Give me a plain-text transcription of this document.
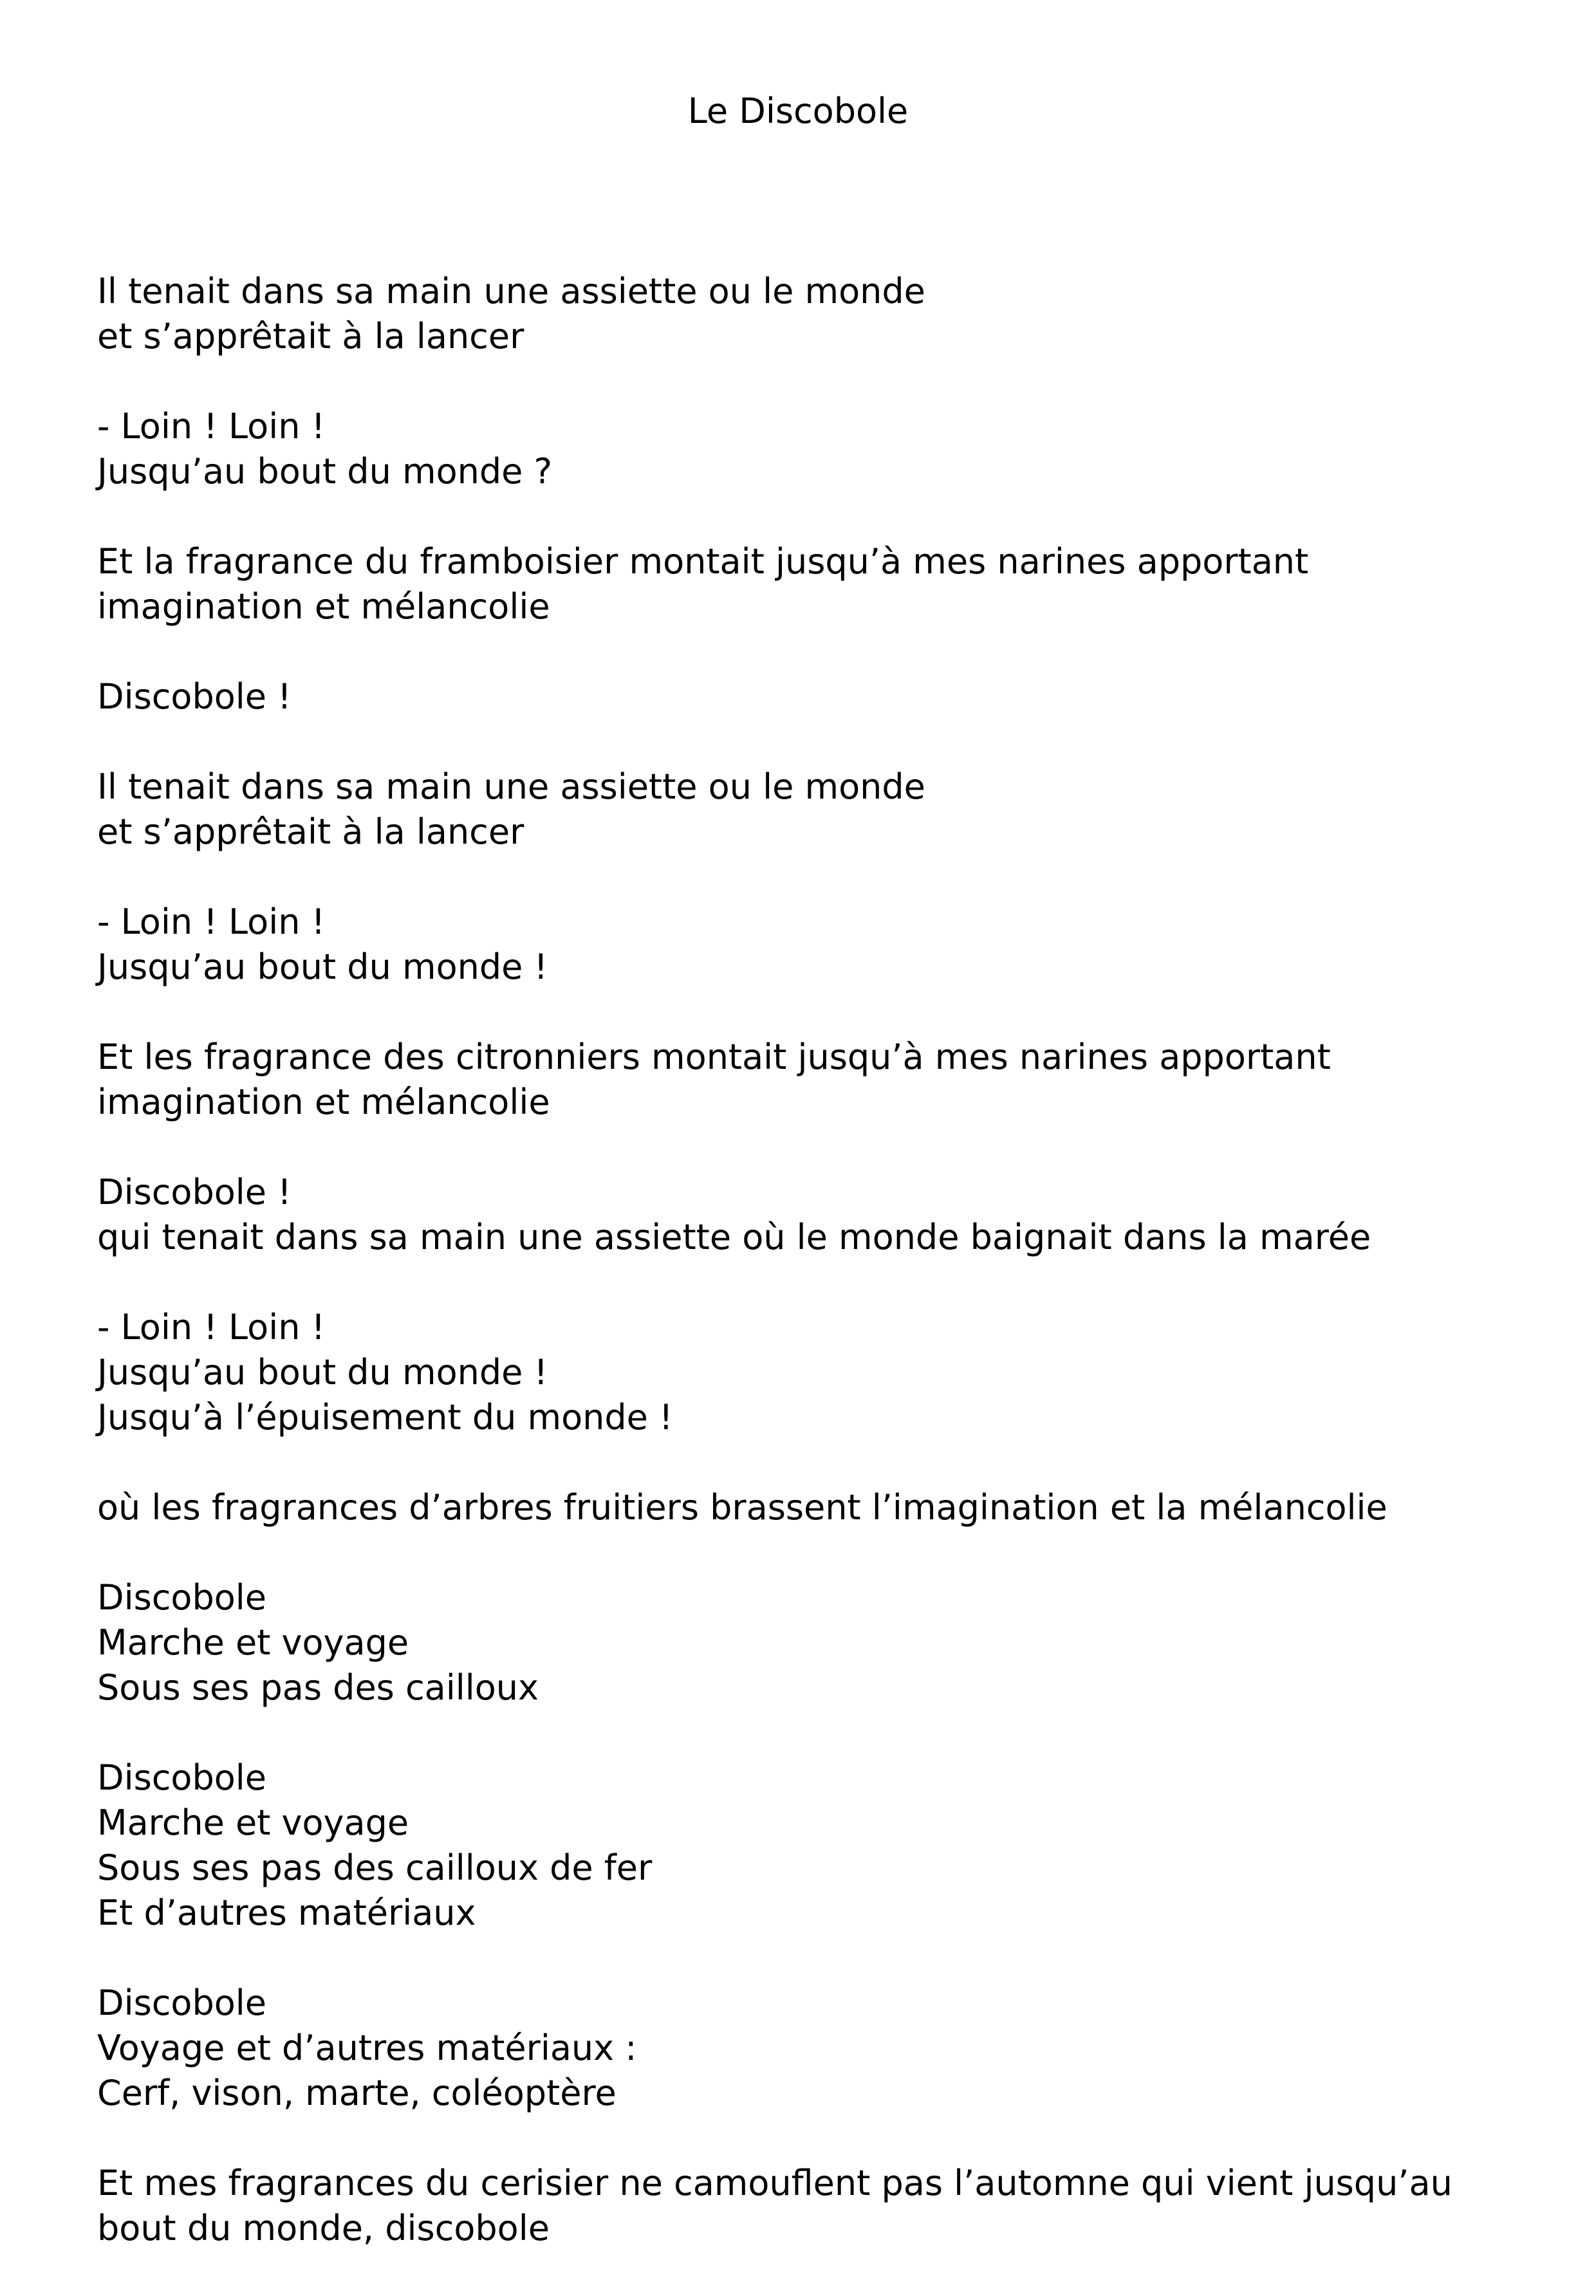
Le Discobole
Il tenait dans sa main une assiette ou le monde
et s’apprêtait à la lancer
- Loin ! Loin !
Jusqu’au bout du monde ?
Et la fragrance du framboisier montait jusqu’à mes narines apportant imagination et mélancolie
Discobole !
Il tenait dans sa main une assiette ou le monde
et s’apprêtait à la lancer
- Loin ! Loin !
Jusqu’au bout du monde !
Et les fragrance des citronniers montait jusqu’à mes narines apportant imagination et mélancolie
Discobole !
qui tenait dans sa main une assiette où le monde baignait dans la marée
- Loin ! Loin !
Jusqu’au bout du monde !
Jusqu’à l’épuisement du monde !
où les fragrances d’arbres fruitiers brassent l’imagination et la mélancolie
Discobole
Marche et voyage
Sous ses pas des cailloux
Discobole
Marche et voyage
Sous ses pas des cailloux de fer
Et d’autres matériaux
Discobole
Voyage et d’autres matériaux :
Cerf, vison, marte, coléoptère
Et mes fragrances du cerisier ne camouflent pas l’automne qui vient jusqu’au bout du monde, discobole
